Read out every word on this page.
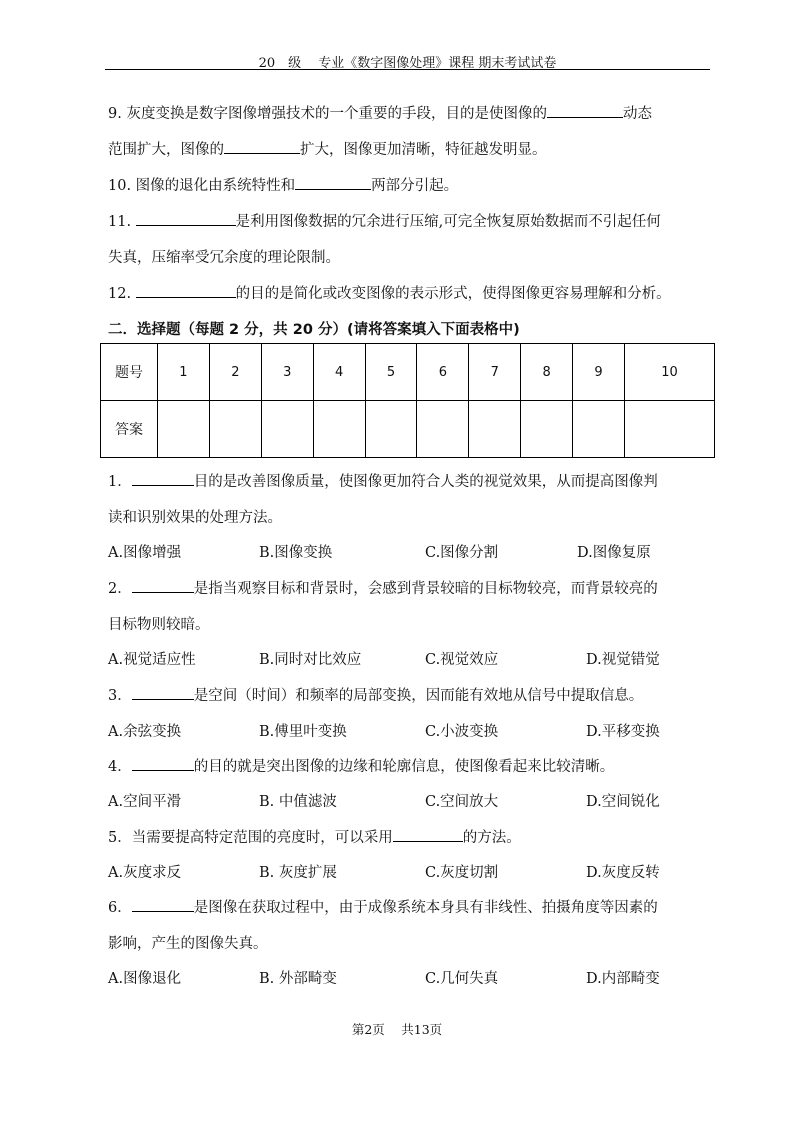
20　级　 专业《数字图像处理》课程 期末考试试卷
9. 灰度变换是数字图像增强技术的一个重要的手段，目的是使图像的	动态
范围扩大，图像的	扩大，图像更加清晰，特征越发明显。
10. 图像的退化由系统特性和	两部分引起。
11.	是利用图像数据的冗余进行压缩,可完全恢复原始数据而不引起任何
失真，压缩率受冗余度的理论限制。
12.	的目的是简化或改变图像的表示形式，使得图像更容易理解和分析。
二．选择题（每题 2 分，共 20 分）(请将答案填入下面表格中)
题号	1	2	3	4	5	6	7	8	9	10
答案										
1．	目的是改善图像质量，使图像更加符合人类的视觉效果，从而提高图像判
读和识别效果的处理方法。
A.图像增强	B.图像变换	C.图像分割	D.图像复原
2．	是指当观察目标和背景时，会感到背景较暗的目标物较亮，而背景较亮的
目标物则较暗。
A.视觉适应性	B.同时对比效应	C.视觉效应	D.视觉错觉
3．	是空间（时间）和频率的局部变换，因而能有效地从信号中提取信息。
A.余弦变换	B.傅里叶变换	C.小波变换	D.平移变换
4．	的目的就是突出图像的边缘和轮廓信息，使图像看起来比较清晰。
A.空间平滑	B. 中值滤波	C.空间放大	D.空间锐化
5．当需要提高特定范围的亮度时，可以采用	的方法。
A.灰度求反	B. 灰度扩展	C.灰度切割	D.灰度反转
6．	是图像在获取过程中，由于成像系统本身具有非线性、拍摄角度等因素的
影响，产生的图像失真。
A.图像退化	B. 外部畸变	C.几何失真	D.内部畸变
第2页　 共13页
